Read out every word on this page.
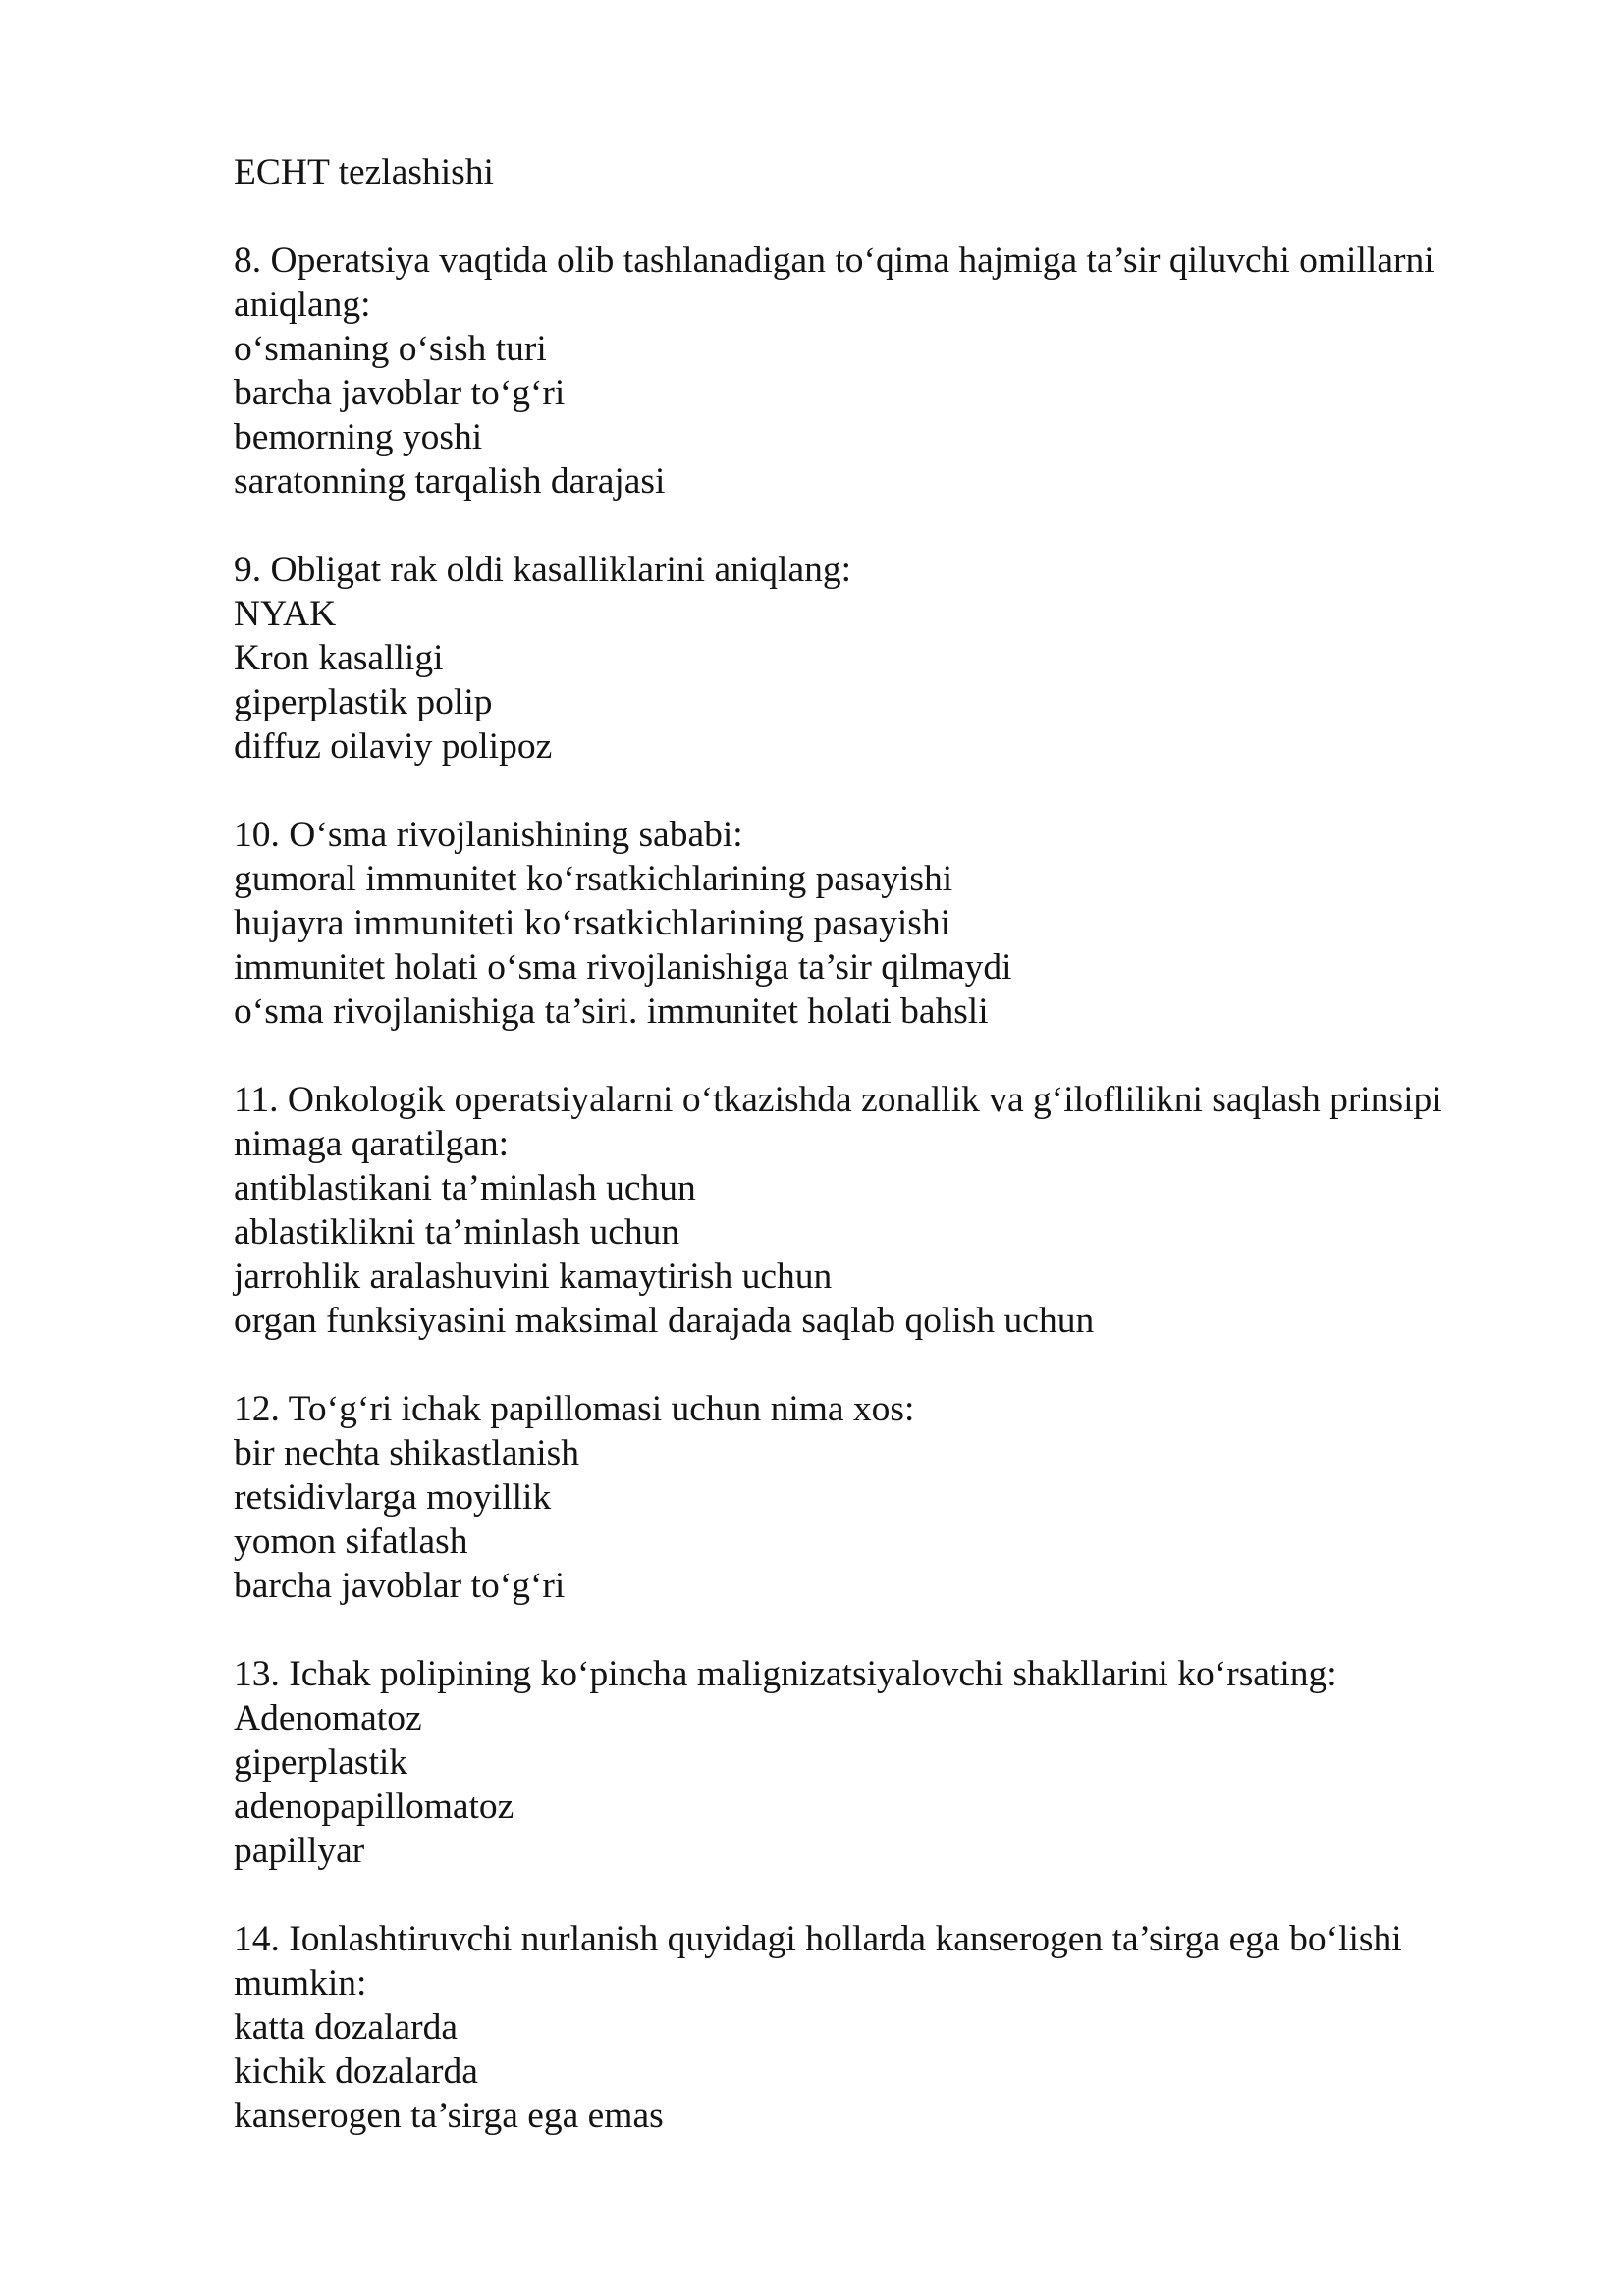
ECHT tezlashishi
8. Operatsiya vaqtida olib tashlanadigan to‘qima hajmiga ta’sir qiluvchi omillarni
aniqlang:
o‘smaning o‘sish turi
barcha javoblar to‘g‘ri
bemorning yoshi
saratonning tarqalish darajasi
9. Obligat rak oldi kasalliklarini aniqlang:
NYAK
Kron kasalligi
giperplastik polip
diffuz oilaviy polipoz
10. O‘sma rivojlanishining sababi:
gumoral immunitet ko‘rsatkichlarining pasayishi
hujayra immuniteti ko‘rsatkichlarining pasayishi
immunitet holati o‘sma rivojlanishiga ta’sir qilmaydi
o‘sma rivojlanishiga ta’siri. immunitet holati bahsli
11. Onkologik operatsiyalarni o‘tkazishda zonallik va g‘iloflilikni saqlash prinsipi
nimaga qaratilgan:
antiblastikani ta’minlash uchun
ablastiklikni ta’minlash uchun
jarrohlik aralashuvini kamaytirish uchun
organ funksiyasini maksimal darajada saqlab qolish uchun
12. To‘g‘ri ichak papillomasi uchun nima xos:
bir nechta shikastlanish
retsidivlarga moyillik
yomon sifatlash
barcha javoblar to‘g‘ri
13. Ichak polipining ko‘pincha malignizatsiyalovchi shakllarini ko‘rsating:
Adenomatoz
giperplastik
adenopapillomatoz
papillyar
14. Ionlashtiruvchi nurlanish quyidagi hollarda kanserogen ta’sirga ega bo‘lishi
mumkin:
katta dozalarda
kichik dozalarda
kanserogen ta’sirga ega emas
